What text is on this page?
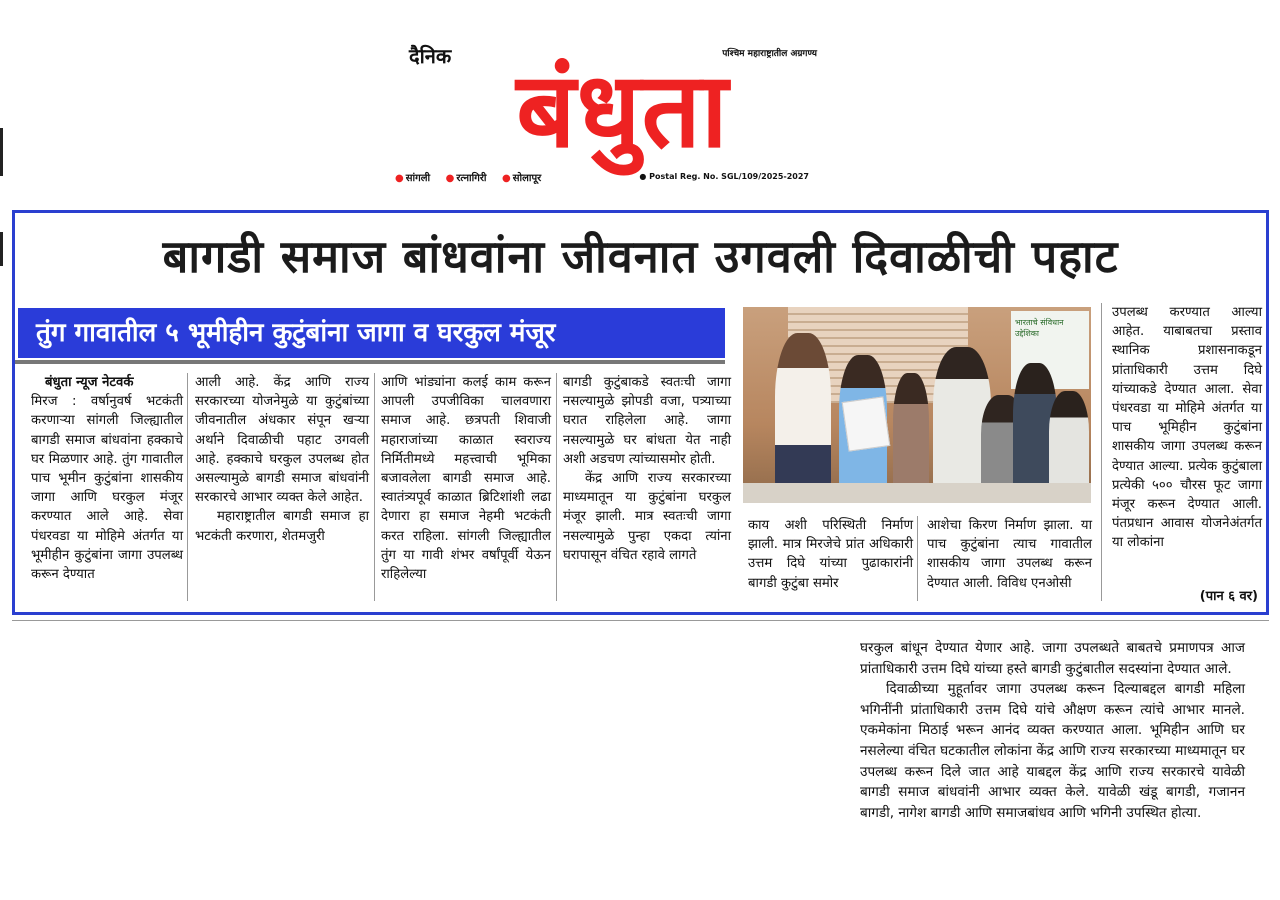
दैनिक बंधुता
पश्चिम महाराष्ट्रातील अग्रगण्य
● सांगली ● रत्नागिरी ● सोलापूर	● Postal Reg. No. SGL/109/2025-2027
बागडी समाज बांधवांना जीवनात उगवली दिवाळीची पहाट
तुंग गावातील ५ भूमीहीन कुटुंबांना जागा व घरकुल मंजूर
बंधुता न्यूज नेटवर्क

मिरज : वर्षानुवर्ष भटकंती करणाऱ्या सांगली जिल्ह्यातील बागडी समाज बांधवांना हक्काचे घर मिळणार आहे. तुंग गावातील पाच भूमीन कुटुंबांना शासकीय जागा आणि घरकुल मंजूर करण्यात आले आहे. सेवा पंधरवडा या मोहिमे अंतर्गत या भूमीहीन कुटुंबांना जागा उपलब्ध करून देण्यात

आली आहे. केंद्र आणि राज्य सरकारच्या योजनेमुळे या कुटुंबांच्या जीवनातील अंधकार संपून खऱ्या अर्थाने दिवाळीची पहाट उगवली आहे. हक्काचे घरकुल उपलब्ध होत असल्यामुळे बागडी समाज बांधवांनी सरकारचे आभार व्यक्त केले आहेत.

महाराष्ट्रातील बागडी समाज हा भटकंती करणारा, शेतमजुरी

आणि भांड्यांना कलई काम करून आपली उपजीविका चालवणारा समाज आहे. छत्रपती शिवाजी महाराजांच्या काळात स्वराज्य निर्मितीमध्ये महत्त्वाची भूमिका बजावलेला बागडी समाज आहे. स्वातंत्र्यपूर्व काळात ब्रिटिशांशी लढा देणारा हा समाज नेहमी भटकंती करत राहिला. सांगली जिल्ह्यातील तुंग या गावी शंभर वर्षांपूर्वी येऊन राहिलेल्या

बागडी कुटुंबाकडे स्वतःची जागा नसल्यामुळे झोपडी वजा, पत्र्याच्या घरात राहिलेला आहे. जागा नसल्यामुळे घर बांधता येत नाही अशी अडचण त्यांच्यासमोर होती.

केंद्र आणि राज्य सरकारच्या माध्यमातून या कुटुंबांना घरकुल मंजूर झाली. मात्र स्वतःची जागा नसल्यामुळे पुन्हा एकदा त्यांना घरापासून वंचित रहावे लागते

भारताचे संविधान उद्देशिका

काय अशी परिस्थिती निर्माण झाली. मात्र मिरजेचे प्रांत अधिकारी उत्तम दिघे यांच्या पुढाकारांनी बागडी कुटुंबा समोर

आशेचा किरण निर्माण झाला. या पाच कुटुंबांना त्याच गावातील शासकीय जागा उपलब्ध करून देण्यात आली. विविध एनओसी

उपलब्ध करण्यात आल्या आहेत. याबाबतचा प्रस्ताव स्थानिक प्रशासनाकडून प्रांताधिकारी उत्तम दिघे यांच्याकडे देण्यात आला. सेवा पंधरवडा या मोहिमे अंतर्गत या पाच भूमिहीन कुटुंबांना शासकीय जागा उपलब्ध करून देण्यात आल्या. प्रत्येक कुटुंबाला प्रत्येकी ५०० चौरस फूट जागा मंजूर करून देण्यात आली. पंतप्रधान आवास योजनेअंतर्गत या लोकांना

(पान ६ वर)

घरकुल बांधून देण्यात येणार आहे. जागा उपलब्धते बाबतचे प्रमाणपत्र आज प्रांताधिकारी उत्तम दिघे यांच्या हस्ते बागडी कुटुंबातील सदस्यांना देण्यात आले.

दिवाळीच्या मुहूर्तावर जागा उपलब्ध करून दिल्याबद्दल बागडी महिला भगिनींनी प्रांताधिकारी उत्तम दिघे यांचे औक्षण करून त्यांचे आभार मानले. एकमेकांना मिठाई भरून आनंद व्यक्त करण्यात आला. भूमिहीन आणि घर नसलेल्या वंचित घटकातील लोकांना केंद्र आणि राज्य सरकारच्या माध्यमातून घर उपलब्ध करून दिले जात आहे याबद्दल केंद्र आणि राज्य सरकारचे यावेळी बागडी समाज बांधवांनी आभार व्यक्त केले. यावेळी खंडू बागडी, गजानन बागडी, नागेश बागडी आणि समाजबांधव आणि भगिनी उपस्थित होत्या.
